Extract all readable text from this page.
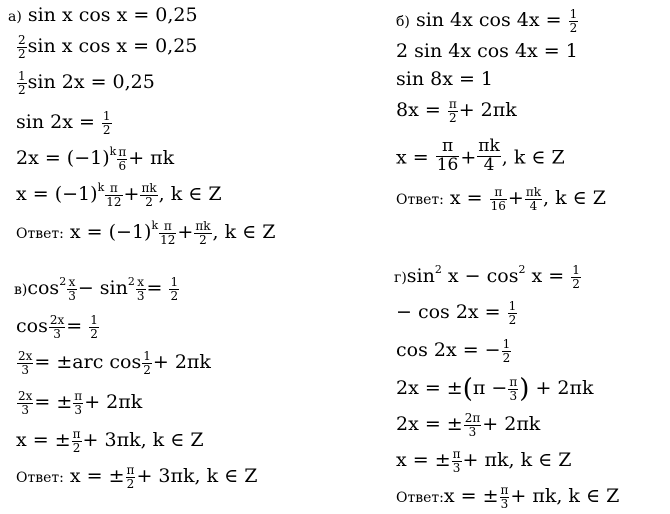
а) sin x cos x = 0,25
$\frac{2}{2}$ sin x cos x = 0,25
$\frac{1}{2}$ sin 2x = 0,25
$\sin 2x = \frac{1}{2}$
$2x = (-1)^k \frac{\pi}{6} + \pi k$
$x = (-1)^k \frac{\pi}{12} + \frac{\pi k}{2}$ , k ∈ Z
Ответ: $x = (-1)^k \frac{\pi}{12} + \frac{\pi k}{2}$ , k ∈ Z
б) sin 4x $\cos 4x = \frac{1}{2}$
2 sin 4x cos 4x = 1
sin 8x = 1
$8x = \frac{\pi}{2} + 2\pi k$
$x = \frac{\pi}{16} + \frac{\pi k}{4}$ , k ∈ Z
Ответ: $x = \frac{\pi}{16} + \frac{\pi k}{4}$ , k ∈ Z
$в)\cos^2 \frac{x}{3} - \sin^2 \frac{x}{3} = \frac{1}{2}$
$\cos \frac{2x}{3} = \frac{1}{2}$
$\frac{2x}{3} = \pm arc$ $\cos \frac{1}{2} + 2\pi k$
$\frac{2x}{3}$ = ± $\frac{\pi}{3} + 2\pi k$
x = ± $\frac{\pi}{2} + 3\pi k$, k ∈ Z
Ответ: x = ± $\frac{\pi}{2} + 3\pi k$, k ∈ Z
$г)\sin^2$ $x - \cos^2 x = \frac{1}{2}$
− $\cos 2x = \frac{1}{2}$
cos 2x = − $\frac{1}{2}$
$2x = \pm(\pi - \frac{\pi}{3}$ ) + 2πk
2x = ± $\frac{2\pi}{3} + 2\pi k$
x = ± $\frac{\pi}{3} + \pi k$, k ∈ Z
Ответ:x = ± $\frac{\pi}{3} + \pi k$, k ∈ Z
